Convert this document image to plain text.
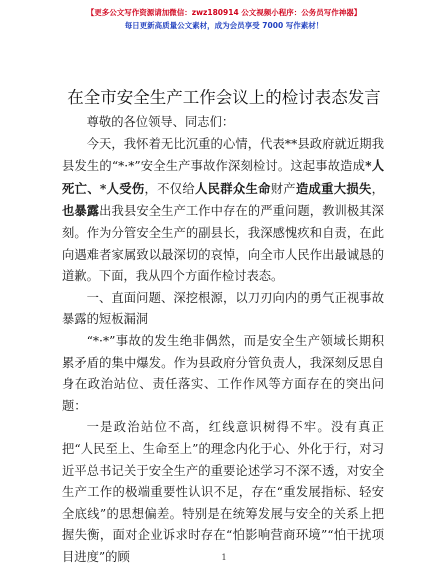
【更多公文写作资源请加微信：zwz180914 公文视频小程序：公务员写作神器】
每日更新高质量公文素材，成为会员享受 7000 写作素材！
在全市安全生产工作会议上的检讨表态发言

尊敬的各位领导、同志们：

今天，我怀着无比沉重的心情，代表**县政府就近期我县发生的“*·*”安全生产事故作深刻检讨。这起事故造成*人死亡、*人受伤，不仅给人民群众生命财产造成重大损失，也暴露出我县安全生产工作中存在的严重问题，教训极其深刻。作为分管安全生产的副县长，我深感愧疚和自责，在此向遇难者家属致以最深切的哀悼，向全市人民作出最诚恳的道歉。下面，我从四个方面作检讨表态。

一、直面问题、深挖根源，以刀刃向内的勇气正视事故暴露的短板漏洞

“*·*”事故的发生绝非偶然，而是安全生产领域长期积累矛盾的集中爆发。作为县政府分管负责人，我深刻反思自身在政治站位、责任落实、工作作风等方面存在的突出问题：

一是政治站位不高，红线意识树得不牢。没有真正把“人民至上、生命至上”的理念内化于心、外化于行，对习近平总书记关于安全生产的重要论述学习不深不透，对安全生产工作的极端重要性认识不足，存在“重发展指标、轻安全底线”的思想偏差。特别是在统筹发展与安全的关系上把握失衡，面对企业诉求时存在“怕影响营商环境”“怕干扰项目进度”的顾	1
